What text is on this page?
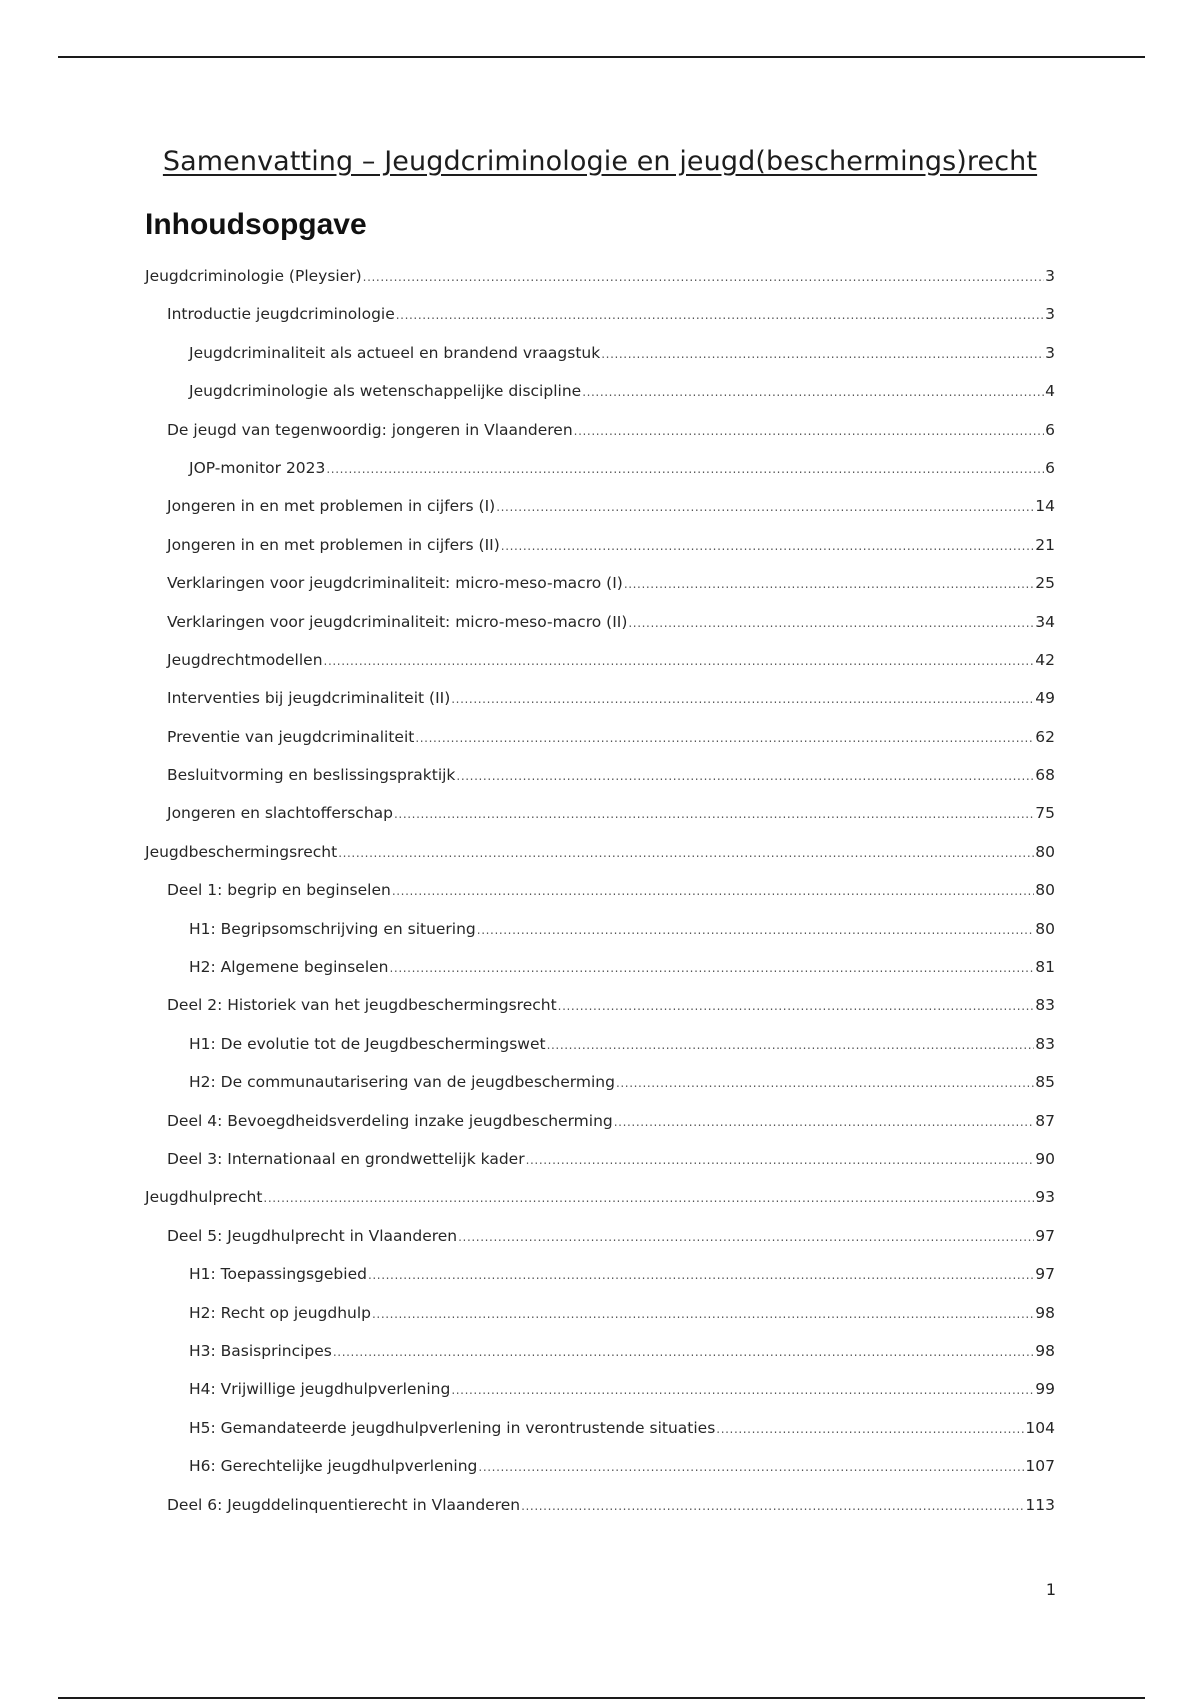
Samenvatting – Jeugdcriminologie en jeugd(beschermings)recht
Inhoudsopgave
Jeugdcriminologie (Pleysier) .....	3
Introductie jeugdcriminologie .....	3
Jeugdcriminaliteit als actueel en brandend vraagstuk .....	3
Jeugdcriminologie als wetenschappelijke discipline .....	4
De jeugd van tegenwoordig: jongeren in Vlaanderen .....	6
JOP-monitor 2023 .....	6
Jongeren in en met problemen in cijfers (I) .....	14
Jongeren in en met problemen in cijfers (II) .....	21
Verklaringen voor jeugdcriminaliteit: micro-meso-macro (I) .....	25
Verklaringen voor jeugdcriminaliteit: micro-meso-macro (II) .....	34
Jeugdrechtmodellen .....	42
Interventies bij jeugdcriminaliteit (II) .....	49
Preventie van jeugdcriminaliteit .....	62
Besluitvorming en beslissingspraktijk .....	68
Jongeren en slachtofferschap .....	75
Jeugdbeschermingsrecht .....	80
Deel 1: begrip en beginselen .....	80
H1: Begripsomschrijving en situering .....	80
H2: Algemene beginselen .....	81
Deel 2: Historiek van het jeugdbeschermingsrecht .....	83
H1: De evolutie tot de Jeugdbeschermingswet .....	83
H2: De communautarisering van de jeugdbescherming .....	85
Deel 4: Bevoegdheidsverdeling inzake jeugdbescherming .....	87
Deel 3: Internationaal en grondwettelijk kader .....	90
Jeugdhulprecht .....	93
Deel 5: Jeugdhulprecht in Vlaanderen .....	97
H1: Toepassingsgebied .....	97
H2: Recht op jeugdhulp .....	98
H3: Basisprincipes .....	98
H4: Vrijwillige jeugdhulpverlening .....	99
H5: Gemandateerde jeugdhulpverlening in verontrustende situaties .....	104
H6: Gerechtelijke jeugdhulpverlening .....	107
Deel 6: Jeugddelinquentierecht in Vlaanderen .....	113
1
